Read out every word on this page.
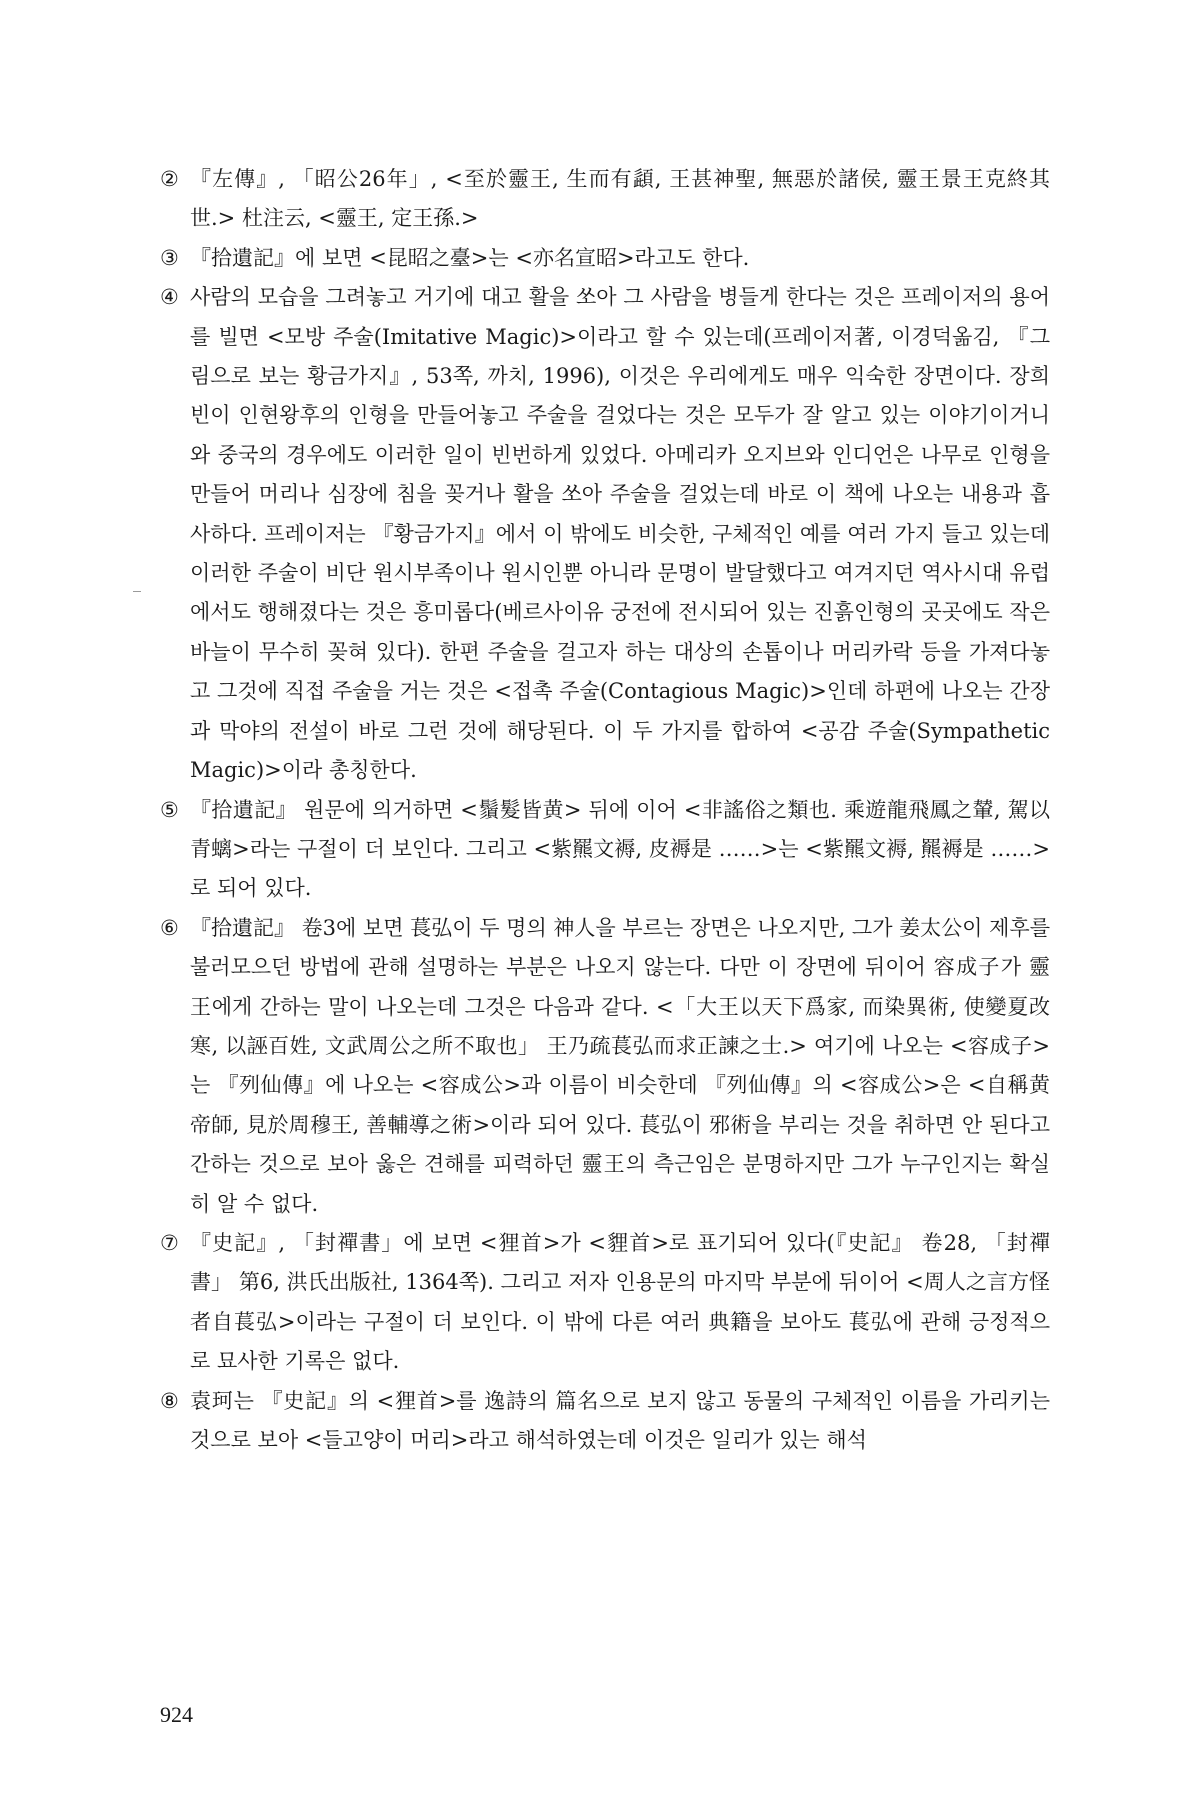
② 『左傳』, 「昭公26年」, <至於靈王, 生而有頿, 王甚神聖, 無惡於諸侯, 靈王景王克終其世.> 杜注云, <靈王, 定王孫.>

③ 『拾遺記』에 보면 <昆昭之臺>는 <亦名宣昭>라고도 한다.

④ 사람의 모습을 그려놓고 거기에 대고 활을 쏘아 그 사람을 병들게 한다는 것은 프레이저의 용어를 빌면 <모방 주술(Imitative Magic)>이라고 할 수 있는데(프레이저著, 이경덕옮김, 『그림으로 보는 황금가지』, 53쪽, 까치, 1996), 이것은 우리에게도 매우 익숙한 장면이다. 장희빈이 인현왕후의 인형을 만들어놓고 주술을 걸었다는 것은 모두가 잘 알고 있는 이야기이거니와 중국의 경우에도 이러한 일이 빈번하게 있었다. 아메리카 오지브와 인디언은 나무로 인형을 만들어 머리나 심장에 침을 꽂거나 활을 쏘아 주술을 걸었는데 바로 이 책에 나오는 내용과 흡사하다. 프레이저는 『황금가지』에서 이 밖에도 비슷한, 구체적인 예를 여러 가지 들고 있는데 이러한 주술이 비단 원시부족이나 원시인뿐 아니라 문명이 발달했다고 여겨지던 역사시대 유럽에서도 행해졌다는 것은 흥미롭다(베르사이유 궁전에 전시되어 있는 진흙인형의 곳곳에도 작은 바늘이 무수히 꽂혀 있다). 한편 주술을 걸고자 하는 대상의 손톱이나 머리카락 등을 가져다놓고 그것에 직접 주술을 거는 것은 <접촉 주술(Contagious Magic)>인데 하편에 나오는 간장과 막야의 전설이 바로 그런 것에 해당된다. 이 두 가지를 합하여 <공감 주술(Sympathetic Magic)>이라 총칭한다.

⑤ 『拾遺記』 원문에 의거하면 <鬚髮皆黄> 뒤에 이어 <非謠俗之類也. 乘遊龍飛鳳之輦, 駕以青螭>라는 구절이 더 보인다. 그리고 <紫羆文褥, 皮褥是 ……>는 <紫羆文褥, 羆褥是 ……>로 되어 있다.

⑥ 『拾遺記』 卷3에 보면 萇弘이 두 명의 神人을 부르는 장면은 나오지만, 그가 姜太公이 제후를 불러모으던 방법에 관해 설명하는 부분은 나오지 않는다. 다만 이 장면에 뒤이어 容成子가 靈王에게 간하는 말이 나오는데 그것은 다음과 같다. <「大王以天下爲家, 而染異術, 使變夏改寒, 以誣百姓, 文武周公之所不取也」 王乃疏萇弘而求正諫之士.> 여기에 나오는 <容成子>는 『列仙傳』에 나오는 <容成公>과 이름이 비슷한데 『列仙傳』의 <容成公>은 <自稱黄帝師, 見於周穆王, 善輔導之術>이라 되어 있다. 萇弘이 邪術을 부리는 것을 취하면 안 된다고 간하는 것으로 보아 옳은 견해를 피력하던 靈王의 측근임은 분명하지만 그가 누구인지는 확실히 알 수 없다.

⑦ 『史記』, 「封禪書」에 보면 <狸首>가 <貍首>로 표기되어 있다(『史記』 卷28, 「封禪書」 第6, 洪氏出版社, 1364쪽). 그리고 저자 인용문의 마지막 부분에 뒤이어 <周人之言方怪者自萇弘>이라는 구절이 더 보인다. 이 밖에 다른 여러 典籍을 보아도 萇弘에 관해 긍정적으로 묘사한 기록은 없다.

⑧ 袁珂는 『史記』의 <狸首>를 逸詩의 篇名으로 보지 않고 동물의 구체적인 이름을 가리키는 것으로 보아 <들고양이 머리>라고 해석하였는데 이것은 일리가 있는 해석

924
